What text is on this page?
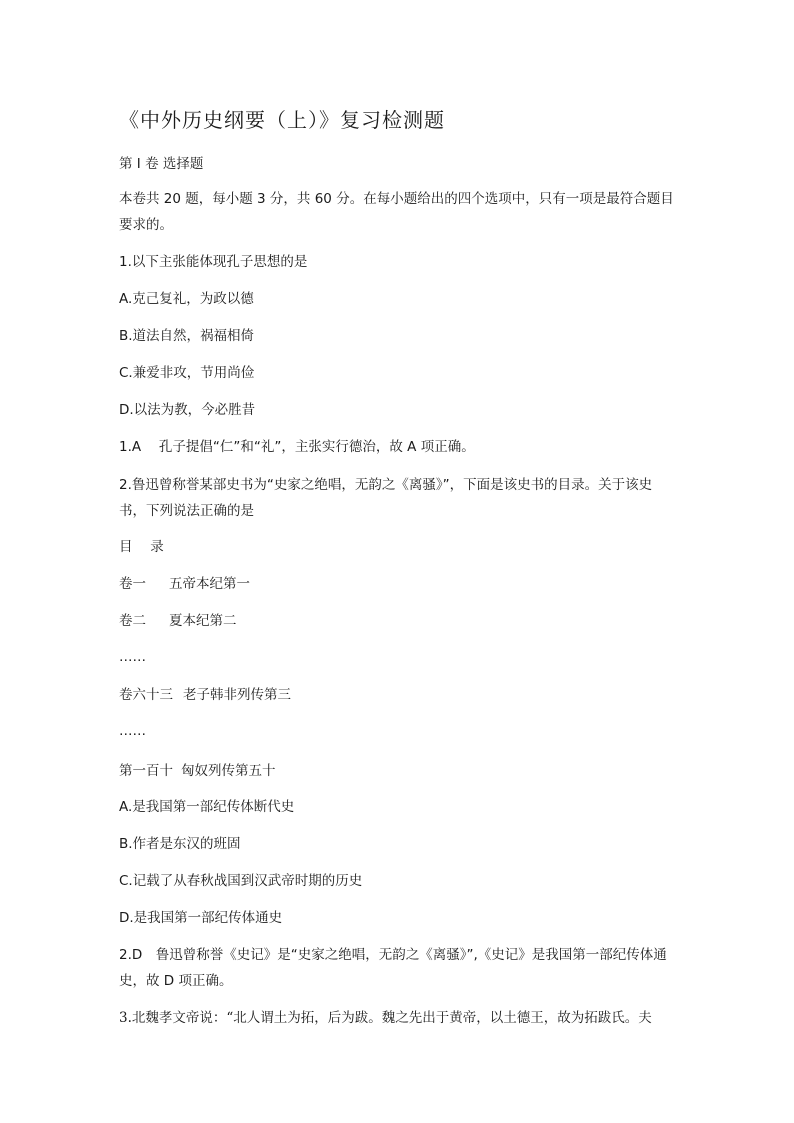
《中外历史纲要（上）》复习检测题
第 I 卷 选择题
本卷共 20 题，每小题 3 分，共 60 分。在每小题给出的四个选项中，只有一项是最符合题目要求的。
1.以下主张能体现孔子思想的是
A.克己复礼，为政以德
B.道法自然，祸福相倚
C.兼爱非攻，节用尚俭
D.以法为教，今必胜昔
1.A　 孔子提倡“仁”和“礼”，主张实行德治，故 A 项正确。
2.鲁迅曾称誉某部史书为“史家之绝唱，无韵之《离骚》”，下面是该史书的目录。关于该史书，下列说法正确的是
目　 录
卷一 五帝本纪第一
卷二 夏本纪第二
……
卷六十三 老子韩非列传第三
……
第一百十 匈奴列传第五十
A.是我国第一部纪传体断代史
B.作者是东汉的班固
C.记载了从春秋战国到汉武帝时期的历史
D.是我国第一部纪传体通史
2.D　鲁迅曾称誉《史记》是“史家之绝唱，无韵之《离骚》”,《史记》是我国第一部纪传体通史，故 D 项正确。
3.北魏孝文帝说：“北人谓土为拓，后为跋。魏之先出于黄帝，以土德王，故为拓跋氏。夫
